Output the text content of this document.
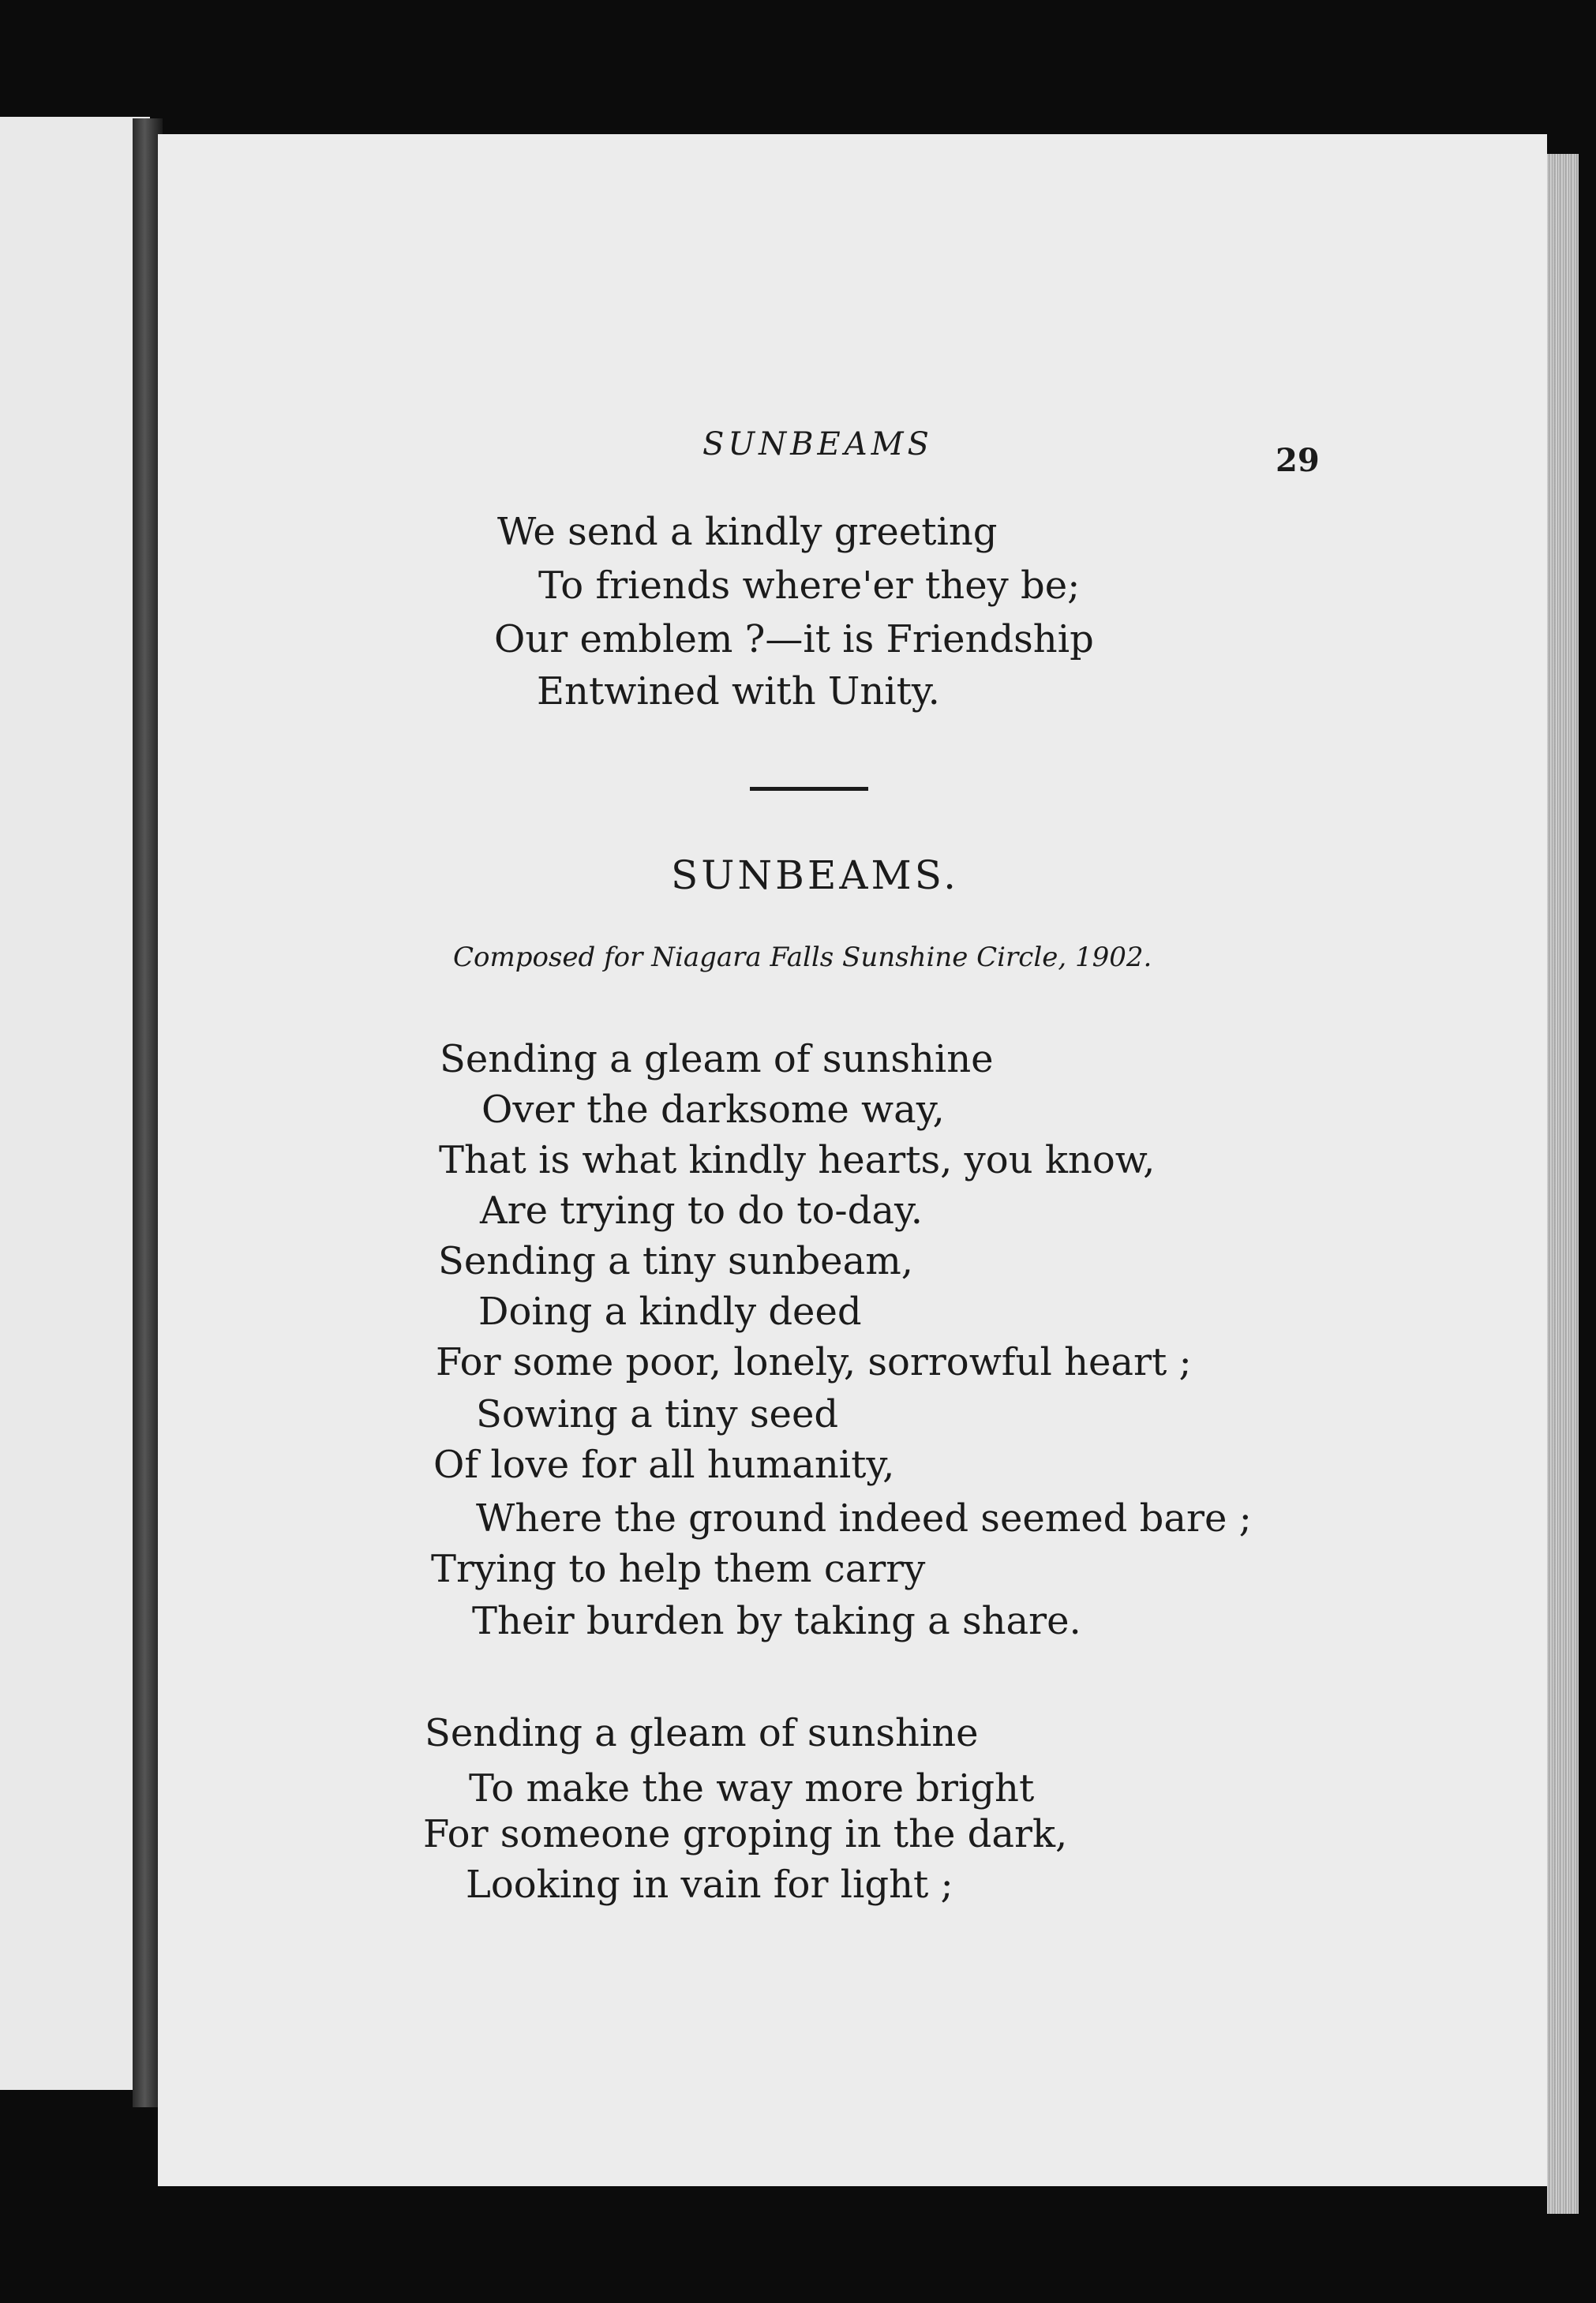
SUNBEAMS	29
We send a kindly greeting
To friends where'er they be;
Our emblem ?—it is Friendship
Entwined with Unity.
SUNBEAMS.
Composed for Niagara Falls Sunshine Circle, 1902.
Sending a gleam of sunshine
Over the darksome way,
That is what kindly hearts, you know,
Are trying to do to-day.
Sending a tiny sunbeam,
Doing a kindly deed
For some poor, lonely, sorrowful heart ;
Sowing a tiny seed
Of love for all humanity,
Where the ground indeed seemed bare ;
Trying to help them carry
Their burden by taking a share.
Sending a gleam of sunshine
To make the way more bright
For someone groping in the dark,
Looking in vain for light ;
